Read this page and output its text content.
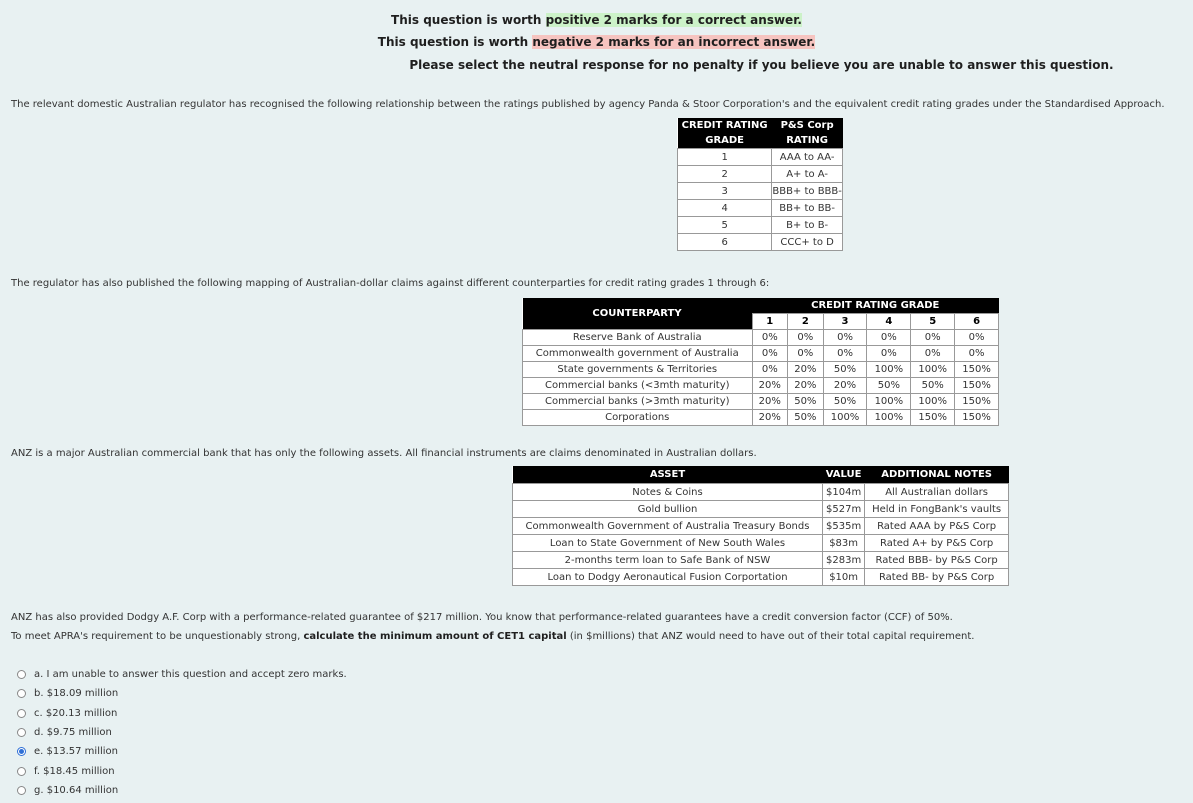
This question is worth positive 2 marks for a correct answer.
This question is worth negative 2 marks for an incorrect answer.
Please select the neutral response for no penalty if you believe you are unable to answer this question.

The relevant domestic Australian regulator has recognised the following relationship between the ratings published by agency Panda & Stoor Corporation's and the equivalent credit rating grades under the Standardised Approach.

CREDIT RATING
GRADE	P&S Corp
RATING
1	AAA to AA-
2	A+ to A-
3	BBB+ to BBB-
4	BB+ to BB-
5	B+ to B-
6	CCC+ to D

The regulator has also published the following mapping of Australian-dollar claims against different counterparties for credit rating grades 1 through 6:

COUNTERPARTY	CREDIT RATING GRADE					
	1	2	3	4	5	6
Reserve Bank of Australia	0%	0%	0%	0%	0%	0%
Commonwealth government of Australia	0%	0%	0%	0%	0%	0%
State governments & Territories	0%	20%	50%	100%	100%	150%
Commercial banks (<3mth maturity)	20%	20%	20%	50%	50%	150%
Commercial banks (>3mth maturity)	20%	50%	50%	100%	100%	150%
Corporations	20%	50%	100%	100%	150%	150%

ANZ is a major Australian commercial bank that has only the following assets. All financial instruments are claims denominated in Australian dollars.

ASSET	VALUE	ADDITIONAL NOTES
Notes & Coins	$104m	All Australian dollars
Gold bullion	$527m	Held in FongBank's vaults
Commonwealth Government of Australia Treasury Bonds	$535m	Rated AAA by P&S Corp
Loan to State Government of New South Wales	$83m	Rated A+ by P&S Corp
2-months term loan to Safe Bank of NSW	$283m	Rated BBB- by P&S Corp
Loan to Dodgy Aeronautical Fusion Corportation	$10m	Rated BB- by P&S Corp

ANZ has also provided Dodgy A.F. Corp with a performance-related guarantee of $217 million. You know that performance-related guarantees have a credit conversion factor (CCF) of 50%.

To meet APRA's requirement to be unquestionably strong, calculate the minimum amount of CET1 capital (in $millions) that ANZ would need to have out of their total capital requirement.

a. I am unable to answer this question and accept zero marks.
b. $18.09 million
c. $20.13 million
d. $9.75 million
e. $13.57 million
f. $18.45 million
g. $10.64 million
